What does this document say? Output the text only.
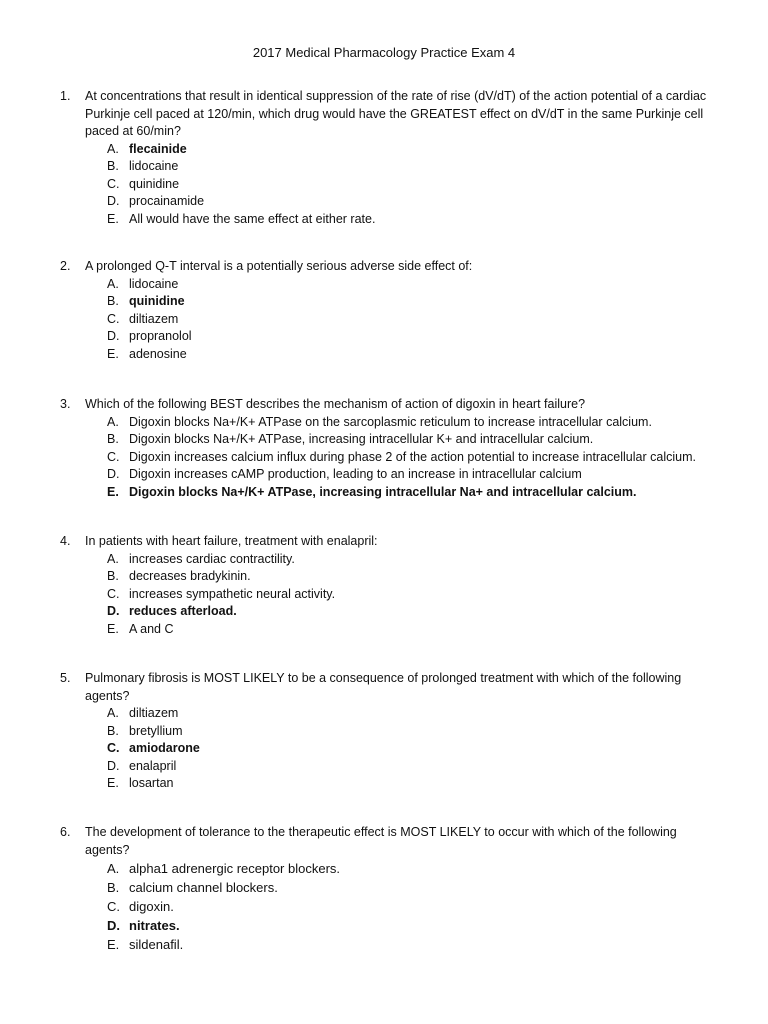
2017 Medical Pharmacology Practice Exam 4
1.	At concentrations that result in identical suppression of the rate of rise (dV/dT) of the action potential of a cardiac Purkinje cell paced at 120/min, which drug would have the GREATEST effect on dV/dT in the same Purkinje cell paced at 60/min?
A. flecainide
B. lidocaine
C. quinidine
D. procainamide
E. All would have the same effect at either rate.
2.	A prolonged Q-T interval is a potentially serious adverse side effect of:
A. lidocaine
B. quinidine
C. diltiazem
D. propranolol
E. adenosine
3.	Which of the following BEST describes the mechanism of action of digoxin in heart failure?
A. Digoxin blocks Na+/K+ ATPase on the sarcoplasmic reticulum to increase intracellular calcium.
B. Digoxin blocks Na+/K+ ATPase, increasing intracellular K+ and intracellular calcium.
C. Digoxin increases calcium influx during phase 2 of the action potential to increase intracellular calcium.
D. Digoxin increases cAMP production, leading to an increase in intracellular calcium
E. Digoxin blocks Na+/K+ ATPase, increasing intracellular Na+ and intracellular calcium.
4.	In patients with heart failure, treatment with enalapril:
A. increases cardiac contractility.
B. decreases bradykinin.
C. increases sympathetic neural activity.
D. reduces afterload.
E. A and C
5.	Pulmonary fibrosis is MOST LIKELY to be a consequence of prolonged treatment with which of the following agents?
A. diltiazem
B. bretyllium
C. amiodarone
D. enalapril
E. losartan
6.	The development of tolerance to the therapeutic effect is MOST LIKELY to occur with which of the following agents?
A. alpha1 adrenergic receptor blockers.
B. calcium channel blockers.
C. digoxin.
D. nitrates.
E. sildenafil.
